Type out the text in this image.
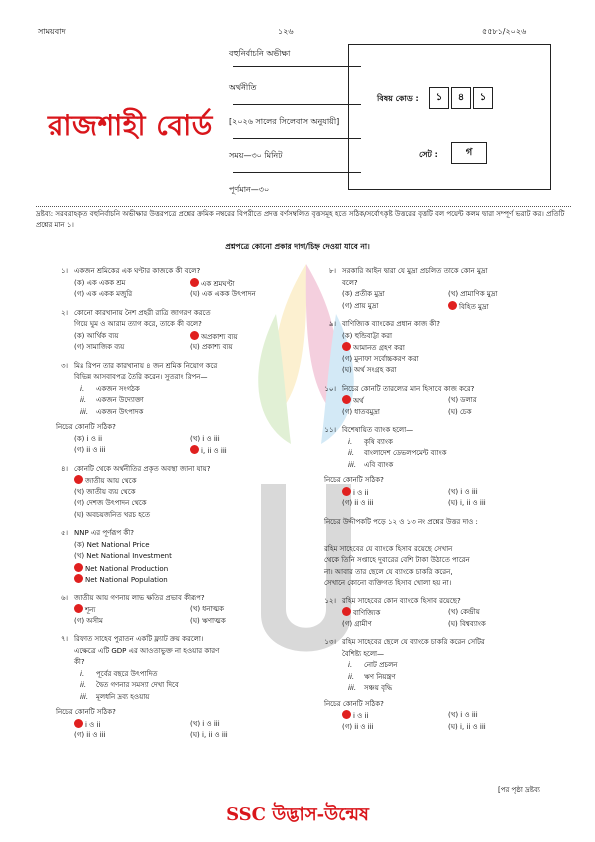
সাময়বাদ	১২৬	৫৫৮১/২০২৬
রাজশাহী বোর্ড
বহুনির্বাচনি অভীক্ষা
অর্থনীতি
[২০২৬ সালের সিলেবাস অনুযায়ী]
সময়—৩০ মিনিট
পূর্ণমান—৩০
বিষয় কোড :	১	৪	১
সেট :	গ
দ্রষ্টব্য: সরবরাহকৃত বহুনির্বাচনি অভীক্ষার উত্তরপত্রে প্রশ্নের ক্রমিক নম্বরের বিপরীতে প্রদত্ত বর্ণসম্বলিত বৃত্তসমূহ হতে সঠিক/সর্বোৎকৃষ্ট উত্তরের বৃত্তটি বল পয়েন্ট কলম দ্বারা সম্পূর্ণ ভরাট কর। প্রতিটি প্রশ্নের মান ১।
প্রশ্নপত্রে কোনো প্রকার দাগ/চিহ্ন দেওয়া যাবে না।
১। একজন শ্রমিকের এক ঘণ্টার কাজকে কী বলে?
(ক) এক একক শ্রম	এক শ্রমঘণ্টা
(গ) এক একক মজুরি	(ঘ) এক একক উৎপাদন
২। কোনো কারখানায় নৈশ প্রহরী রাত্রি জাগরণ করতে
গিয়ে ঘুম ও আরাম ত্যাগ করে, তাকে কী বলে?
(ক) আর্থিক ব্যয়	অপ্রকাশ্য ব্যয়
(গ) সামাজিক ব্যয়	(ঘ) প্রকাশ্য ব্যয়
৩। মিঃ রিপন তার কারখানায় ৪ জন শ্রমিক নিয়োগ করে
বিভিন্ন আসবাবপত্র তৈরি করেন। সুতরাং রিপন—
i. একজন সংগঠক
ii. একজন উদ্যোক্তা
iii. একজন উৎপাদক
নিচের কোনটি সঠিক?
(ক) i ও ii	(খ) i ও iii
(গ) ii ও iii	i, ii ও iii
৪। কোনটি থেকে অর্থনীতির প্রকৃত অবস্থা জানা যায়?
জাতীয় আয় থেকে
(খ) জাতীয় ব্যয় থেকে
(গ) দেশজ উৎপাদন থেকে
(ঘ) অবচয়জনিত খরচ হতে
৫। NNP এর পূর্ণরূপ কী?
(ক) Net National Price
(খ) Net National Investment
Net National Production
Net National Population
৬। জাতীয় আয় গণনায় লাভ ক্ষতির প্রভাব কীরূপ?
শূন্য	(খ) ধনাত্মক
(গ) অসীম	(ঘ) ঋণাত্মক
৭। রিফাত সাহেব পুরাতন একটি ফ্ল্যাট ক্রয় করলো।
এক্ষেত্রে এটি GDP এর আওতাভুক্ত না হওয়ার কারণ
কী?
i. পূর্বের বছরে উৎপাদিত
ii. দ্বৈত গণনার সমস্যা দেখা দিবে
iii. মূলধনি দ্রব্য হওয়ায়
নিচের কোনটি সঠিক?
i ও ii	(খ) i ও iii
(গ) ii ও iii	(ঘ) i, ii ও iii
৮। সরকারি আইন দ্বারা যে মুদ্রা প্রচলিত তাকে কোন মুদ্রা
বলে?
(ক) প্রতীক মুদ্রা	(খ) প্রামাণিক মুদ্রা
(গ) প্রায় মুদ্রা	বিহিত মুদ্রা
৯। বাণিজ্যিক ব্যাংকের প্রধান কাজ কী?
(ক) হুন্ডিবাট্টা করা
আমানত গ্রহণ করা
(গ) মুনাফা সর্বোচ্চকরণ করা
(ঘ) অর্থ সংগ্রহ করা
১০। নিচের কোনটি তারল্যের মান হিসাবে কাজ করে?
অর্থ	(খ) ডলার
(গ) ধাতবমুদ্রা	(ঘ) চেক
১১। বিশেষায়িত ব্যাংক হলো—
i. কৃষি ব্যাংক
ii. বাংলাদেশ ডেভলপমেন্ট ব্যাংক
iii. এবি ব্যাংক
নিচের কোনটি সঠিক?
i ও ii	(খ) i ও iii
(গ) ii ও iii	(ঘ) i, ii ও iii
নিচের উদ্দীপকটি পড়ে ১২ ও ১৩ নং প্রশ্নের উত্তর দাও :
রহিম সাহেবের যে ব্যাংকে হিসাব রয়েছে সেখান
থেকে তিনি সপ্তাহে দুবারের বেশি টাকা উঠাতে পারেন
না। আবার তার ছেলে যে ব্যাংকে চাকরি করেন,
সেখানে কোনো ব্যক্তিগত হিসাব খোলা হয় না।
১২। রহিম সাহেবের কোন ব্যাংকে হিসাব রয়েছে?
বাণিজ্যিক	(খ) কেন্দ্রীয়
(গ) গ্রামীণ	(ঘ) বিশ্বব্যাংক
১৩। রহিম সাহেবের ছেলে যে ব্যাংকে চাকরি করেন সেটির
বৈশিষ্ট্য হলো—
i. নোট প্রচলন
ii. ঋণ নিয়ন্ত্রণ
iii. সঞ্চয় বৃদ্ধি
নিচের কোনটি সঠিক?
i ও ii	(খ) i ও iii
(গ) ii ও iii	(ঘ) i, ii ও iii
[পর পৃষ্ঠা দ্রষ্টব্য
SSC উদ্ভাস-উন্মেষ
